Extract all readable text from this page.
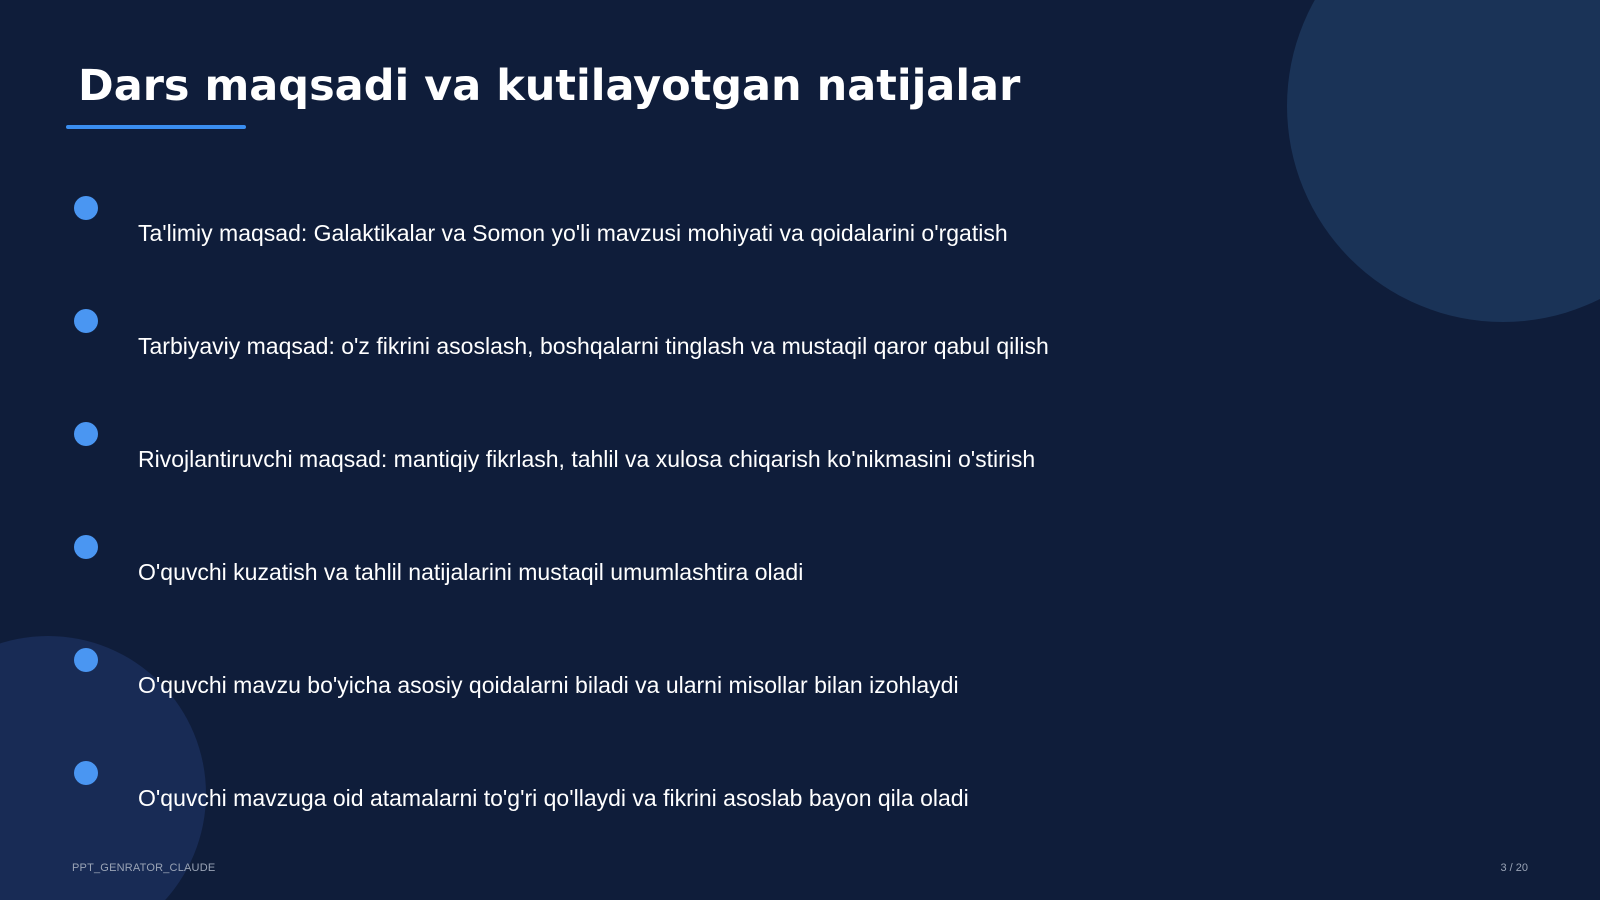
Dars maqsadi va kutilayotgan natijalar
Ta'limiy maqsad: Galaktikalar va Somon yo'li mavzusi mohiyati va qoidalarini o'rgatish
Tarbiyaviy maqsad: o'z fikrini asoslash, boshqalarni tinglash va mustaqil qaror qabul qilish
Rivojlantiruvchi maqsad: mantiqiy fikrlash, tahlil va xulosa chiqarish ko'nikmasini o'stirish
O'quvchi kuzatish va tahlil natijalarini mustaqil umumlashtira oladi
O'quvchi mavzu bo'yicha asosiy qoidalarni biladi va ularni misollar bilan izohlaydi
O'quvchi mavzuga oid atamalarni to'g'ri qo'llaydi va fikrini asoslab bayon qila oladi
PPT_GENRATOR_CLAUDE	3 / 20
